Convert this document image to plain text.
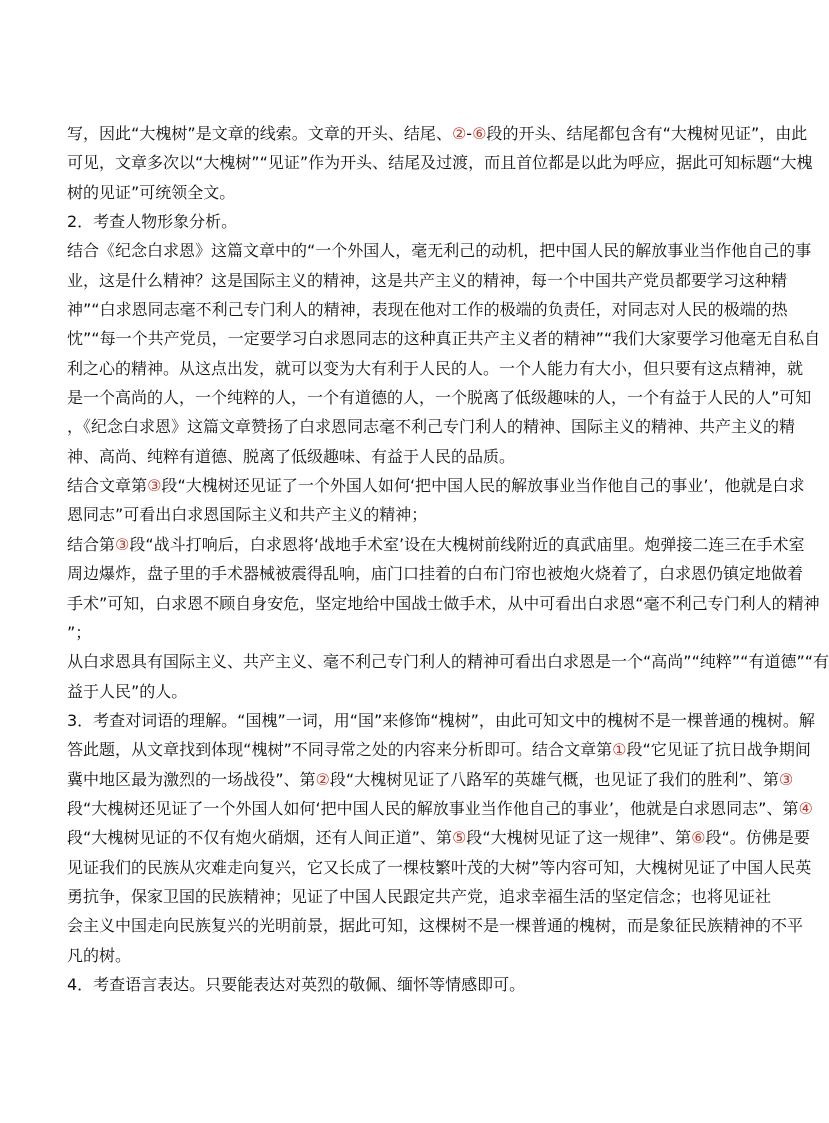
写，因此“大槐树”是文章的线索。文章的开头、结尾、②-⑥段的开头、结尾都包含有“大槐树见证”，由此
可见，文章多次以“大槐树”“见证”作为开头、结尾及过渡，而且首位都是以此为呼应，据此可知标题“大槐
树的见证”可统领全文。
2．考查人物形象分析。
结合《纪念白求恩》这篇文章中的“一个外国人，毫无利己的动机，把中国人民的解放事业当作他自己的事
业，这是什么精神？这是国际主义的精神，这是共产主义的精神，每一个中国共产党员都要学习这种精
神”“白求恩同志毫不利己专门利人的精神，表现在他对工作的极端的负责任，对同志对人民的极端的热
忱”“每一个共产党员，一定要学习白求恩同志的这种真正共产主义者的精神”“我们大家要学习他毫无自私自
利之心的精神。从这点出发，就可以变为大有利于人民的人。一个人能力有大小，但只要有这点精神，就
是一个高尚的人，一个纯粹的人，一个有道德的人，一个脱离了低级趣味的人，一个有益于人民的人”可知
，《纪念白求恩》这篇文章赞扬了白求恩同志毫不利己专门利人的精神、国际主义的精神、共产主义的精
神、高尚、纯粹有道德、脱离了低级趣味、有益于人民的品质。
结合文章第③段“大槐树还见证了一个外国人如何‘把中国人民的解放事业当作他自己的事业’，他就是白求
恩同志”可看出白求恩国际主义和共产主义的精神；
结合第③段“战斗打响后，白求恩将‘战地手术室’设在大槐树前线附近的真武庙里。炮弹接二连三在手术室
周边爆炸，盘子里的手术器械被震得乱响，庙门口挂着的白布门帘也被炮火烧着了，白求恩仍镇定地做着
手术”可知，白求恩不顾自身安危，坚定地给中国战士做手术，从中可看出白求恩“毫不利己专门利人的精神
”；
从白求恩具有国际主义、共产主义、毫不利己专门利人的精神可看出白求恩是一个“高尚”“纯粹”“有道德”“有
益于人民”的人。
3．考查对词语的理解。“国槐”一词，用“国”来修饰“槐树”，由此可知文中的槐树不是一棵普通的槐树。解
答此题，从文章找到体现“槐树”不同寻常之处的内容来分析即可。结合文章第①段“它见证了抗日战争期间
冀中地区最为激烈的一场战役”、第②段“大槐树见证了八路军的英雄气概，也见证了我们的胜利”、第③
段“大槐树还见证了一个外国人如何‘把中国人民的解放事业当作他自己的事业’，他就是白求恩同志”、第④
段“大槐树见证的不仅有炮火硝烟，还有人间正道”、第⑤段“大槐树见证了这一规律”、第⑥段“。仿佛是要
见证我们的民族从灾难走向复兴，它又长成了一棵枝繁叶茂的大树”等内容可知，大槐树见证了中国人民英
勇抗争，保家卫国的民族精神；见证了中国人民跟定共产党，追求幸福生活的坚定信念；也将见证社
会主义中国走向民族复兴的光明前景，据此可知，这棵树不是一棵普通的槐树，而是象征民族精神的不平
凡的树。
4．考查语言表达。只要能表达对英烈的敬佩、缅怀等情感即可。
